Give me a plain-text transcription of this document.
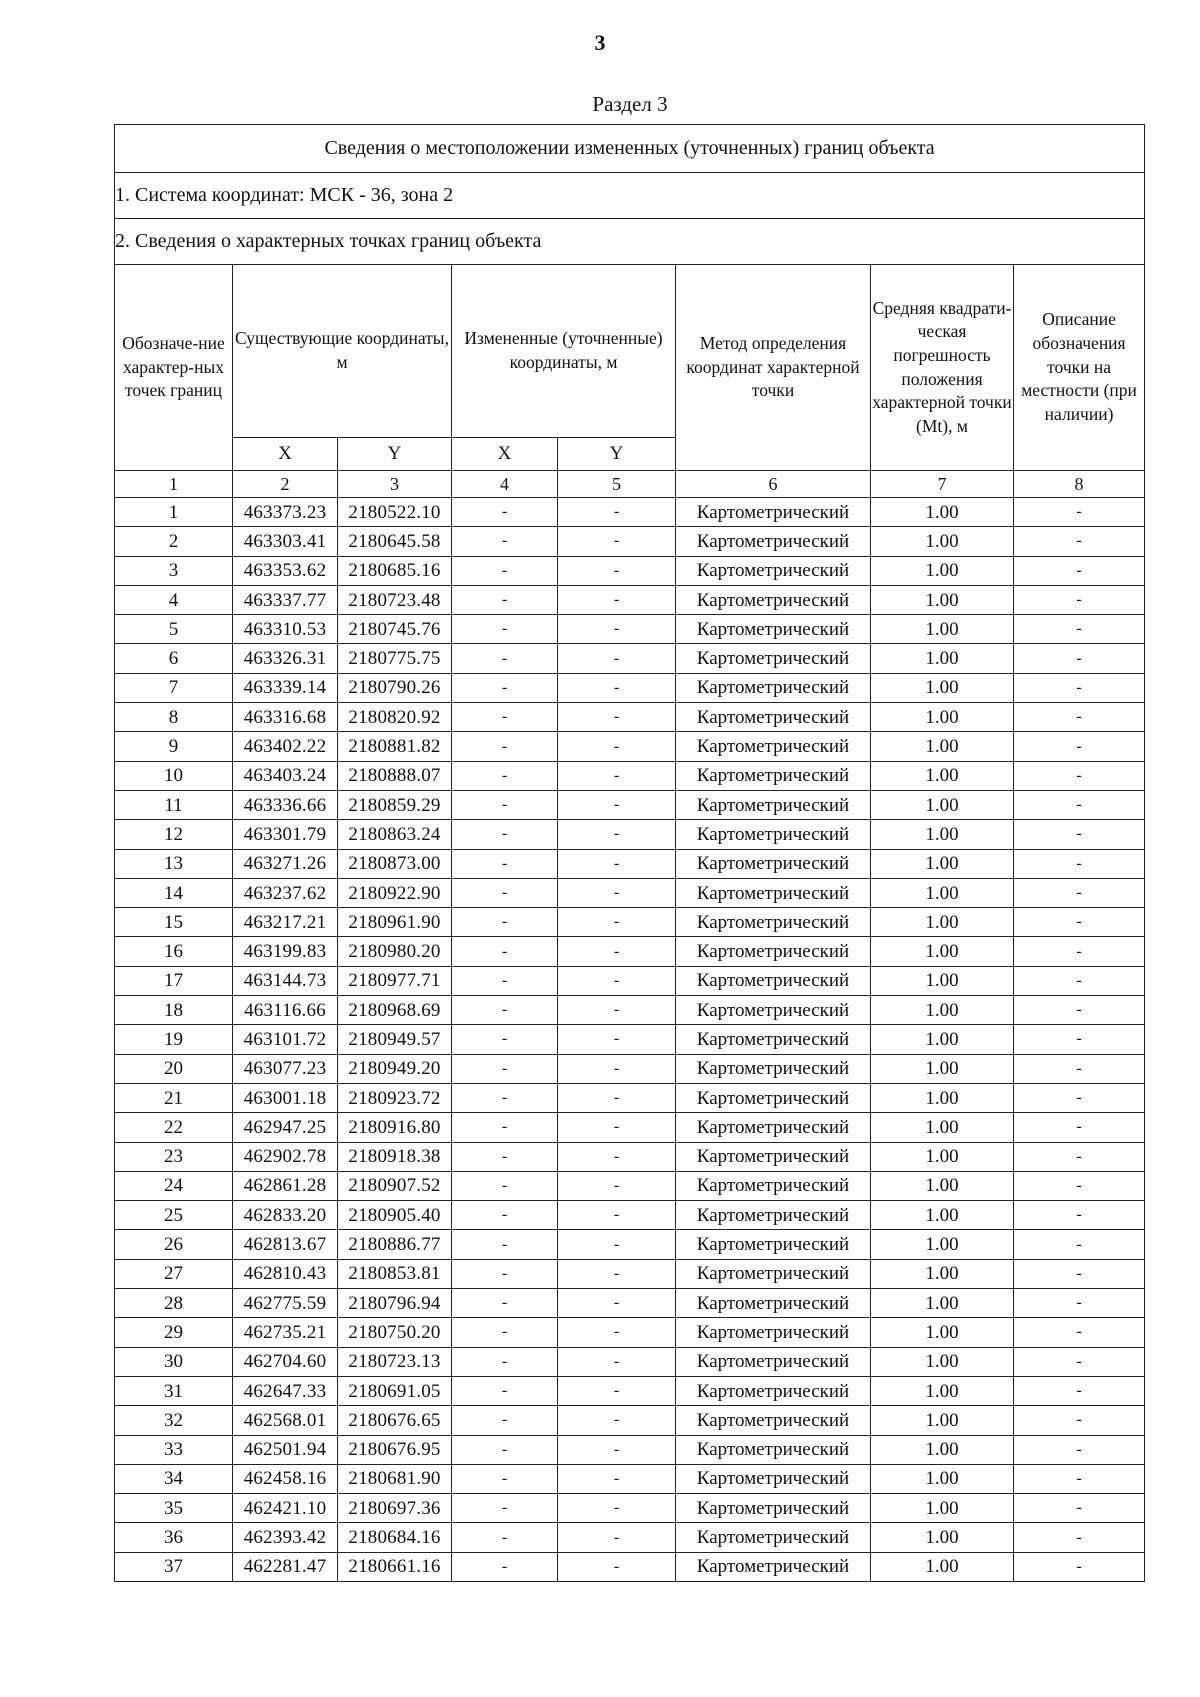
3
Раздел 3
Сведения о местоположении измененных (уточненных) границ объекта							
1. Система координат: МСК - 36, зона 2							
2. Сведения о характерных точках границ объекта							
Обозначе-ние характер-ных точек границ	Существующие координаты, м		Измененные (уточненные) координаты, м		Метод определения координат характерной точки	Средняя квадрати-ческая погрешность положения характерной точки (Mt), м	Описание обозначения точки на местности (при наличии)
	X	Y	X	Y			
1	2	3	4	5	6	7	8
1	463373.23	2180522.10	-	-	Картометрический	1.00	-
2	463303.41	2180645.58	-	-	Картометрический	1.00	-
3	463353.62	2180685.16	-	-	Картометрический	1.00	-
4	463337.77	2180723.48	-	-	Картометрический	1.00	-
5	463310.53	2180745.76	-	-	Картометрический	1.00	-
6	463326.31	2180775.75	-	-	Картометрический	1.00	-
7	463339.14	2180790.26	-	-	Картометрический	1.00	-
8	463316.68	2180820.92	-	-	Картометрический	1.00	-
9	463402.22	2180881.82	-	-	Картометрический	1.00	-
10	463403.24	2180888.07	-	-	Картометрический	1.00	-
11	463336.66	2180859.29	-	-	Картометрический	1.00	-
12	463301.79	2180863.24	-	-	Картометрический	1.00	-
13	463271.26	2180873.00	-	-	Картометрический	1.00	-
14	463237.62	2180922.90	-	-	Картометрический	1.00	-
15	463217.21	2180961.90	-	-	Картометрический	1.00	-
16	463199.83	2180980.20	-	-	Картометрический	1.00	-
17	463144.73	2180977.71	-	-	Картометрический	1.00	-
18	463116.66	2180968.69	-	-	Картометрический	1.00	-
19	463101.72	2180949.57	-	-	Картометрический	1.00	-
20	463077.23	2180949.20	-	-	Картометрический	1.00	-
21	463001.18	2180923.72	-	-	Картометрический	1.00	-
22	462947.25	2180916.80	-	-	Картометрический	1.00	-
23	462902.78	2180918.38	-	-	Картометрический	1.00	-
24	462861.28	2180907.52	-	-	Картометрический	1.00	-
25	462833.20	2180905.40	-	-	Картометрический	1.00	-
26	462813.67	2180886.77	-	-	Картометрический	1.00	-
27	462810.43	2180853.81	-	-	Картометрический	1.00	-
28	462775.59	2180796.94	-	-	Картометрический	1.00	-
29	462735.21	2180750.20	-	-	Картометрический	1.00	-
30	462704.60	2180723.13	-	-	Картометрический	1.00	-
31	462647.33	2180691.05	-	-	Картометрический	1.00	-
32	462568.01	2180676.65	-	-	Картометрический	1.00	-
33	462501.94	2180676.95	-	-	Картометрический	1.00	-
34	462458.16	2180681.90	-	-	Картометрический	1.00	-
35	462421.10	2180697.36	-	-	Картометрический	1.00	-
36	462393.42	2180684.16	-	-	Картометрический	1.00	-
37	462281.47	2180661.16	-	-	Картометрический	1.00	-
